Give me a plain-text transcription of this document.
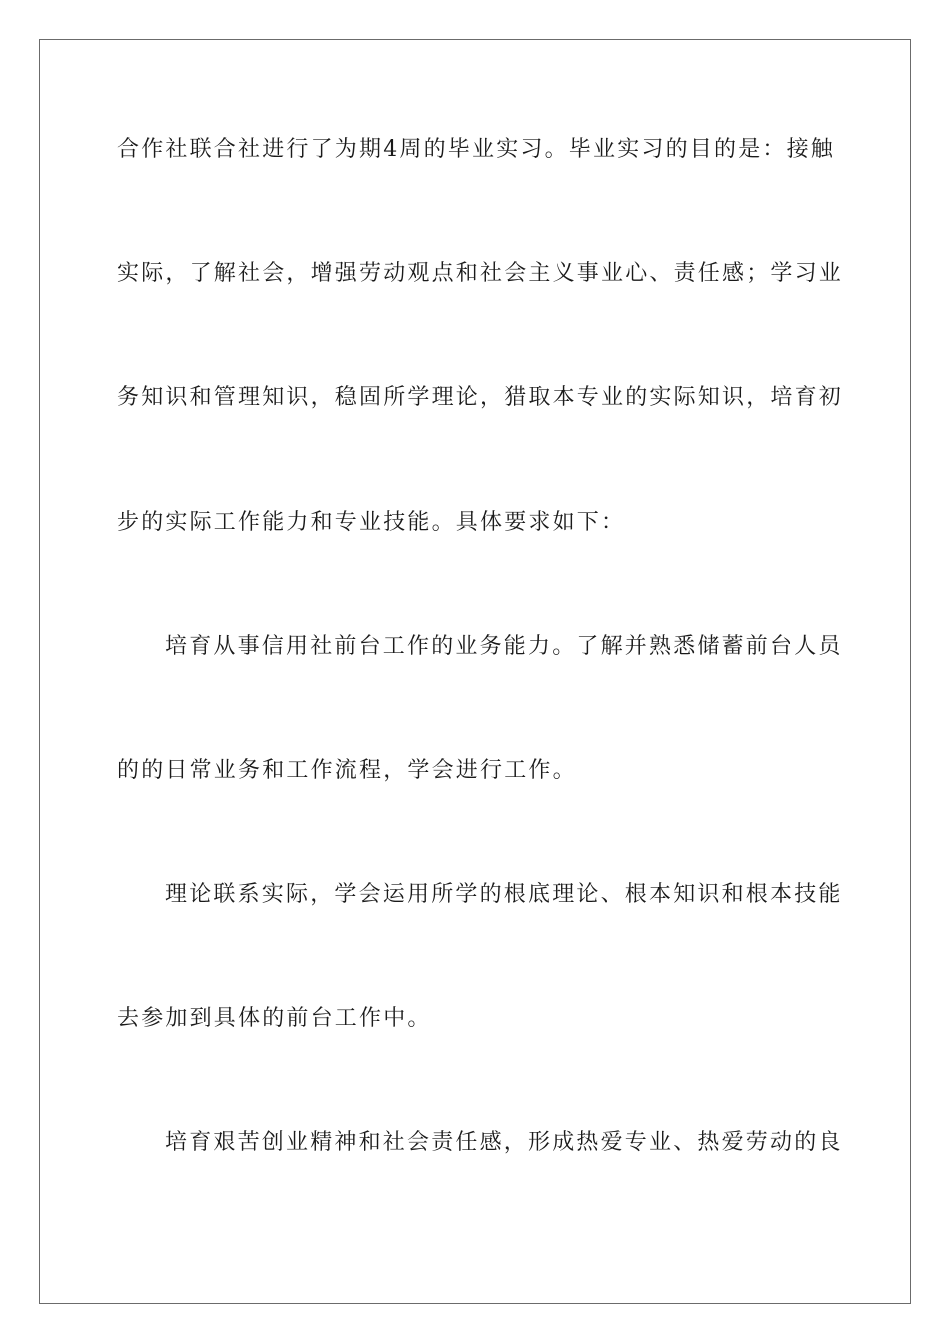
合作社联合社进行了为期4周的毕业实习。毕业实习的目的是：接触
实际，了解社会，增强劳动观点和社会主义事业心、责任感；学习业
务知识和管理知识，稳固所学理论，猎取本专业的实际知识，培育初
步的实际工作能力和专业技能。具体要求如下：
培育从事信用社前台工作的业务能力。了解并熟悉储蓄前台人员
的的日常业务和工作流程，学会进行工作。
理论联系实际，学会运用所学的根底理论、根本知识和根本技能
去参加到具体的前台工作中。
培育艰苦创业精神和社会责任感，形成热爱专业、热爱劳动的良
